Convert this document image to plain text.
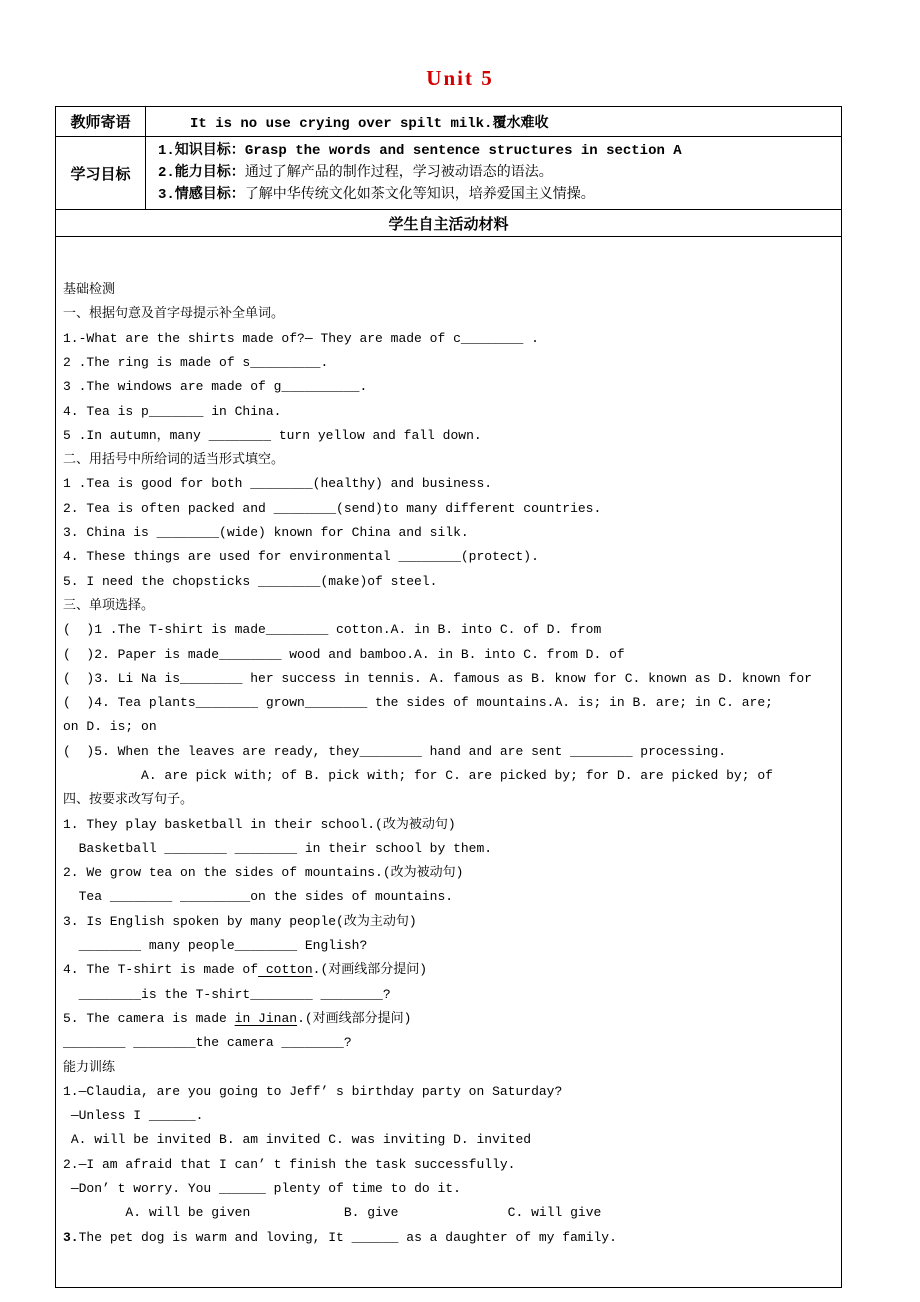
Unit 5
教师寄语	It is no use crying over spilt milk.覆水难收
学习目标	1.知识目标：Grasp the words and sentence structures in section A
2.能力目标：通过了解产品的制作过程，学习被动语态的语法。
3.情感目标：了解中华传统文化如茶文化等知识，培养爱国主义情操。

学生自主活动材料	

基础检测
一、根据句意及首字母提示补全单词。
1.-What are the shirts made of?— They are made of c________ .
2 .The ring is made of s_________.
3 .The windows are made of g__________.
4. Tea is p_______ in China.
5 .In autumn，many ________ turn yellow and fall down.
二、用括号中所给词的适当形式填空。
1 .Tea is good for both ________(healthy) and business.
2. Tea is often packed and ________(send)to many different countries.
3. China is ________(wide) known for China and silk.
4. These things are used for environmental ________(protect).
5. I need the chopsticks ________(make)of steel.
三、单项选择。
(  )1 .The T-shirt is made________ cotton.A. in B. into C. of D. from
(  )2. Paper is made________ wood and bamboo.A. in B. into C. from D. of
(  )3. Li Na is________ her success in tennis. A. famous as B. know for C. known as D. known for
(  )4. Tea plants________ grown________ the sides of mountains.A. is; in B. are; in C. are;
on D. is; on
(  )5. When the leaves are ready, they________ hand and are sent ________ processing.
A. are pick with; of B. pick with; for C. are picked by; for D. are picked by; of
四、按要求改写句子。
1. They play basketball in their school.(改为被动句)
Basketball ________ ________ in their school by them.
2. We grow tea on the sides of mountains.(改为被动句)
Tea ________ _________on the sides of mountains.
3. Is English spoken by many people(改为主动句)
________ many people________ English?
4. The T-shirt is made of cotton.(对画线部分提问)
________is the T-shirt________ ________?
5. The camera is made in Jinan.(对画线部分提问)
________ ________the camera ________?
能力训练
1.—Claudia, are you going to Jeff’ s birthday party on Saturday?
—Unless I ______.
A. will be invited B. am invited C. was inviting D. invited
2.—I am afraid that I can’ t finish the task successfully.
—Don’ t worry. You ______ plenty of time to do it.
A. will be given            B. give              C. will give
3.The pet dog is warm and loving, It ______ as a daughter of my family.
